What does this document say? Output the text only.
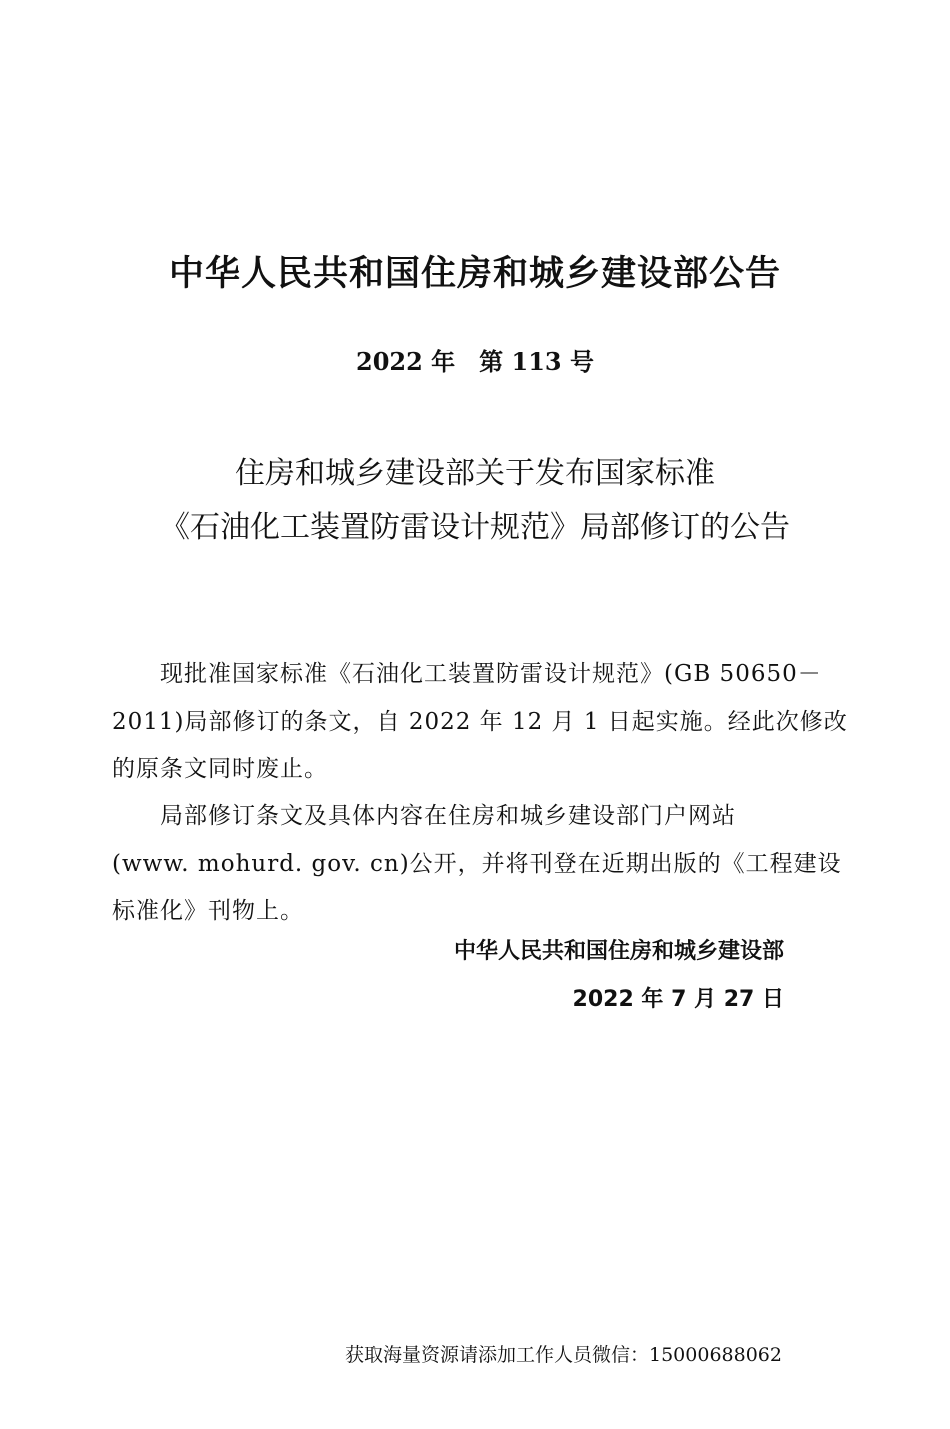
中华人民共和国住房和城乡建设部公告
2022 年　第 113 号
住房和城乡建设部关于发布国家标准
《石油化工装置防雷设计规范》局部修订的公告
现批准国家标准《石油化工装置防雷设计规范》(GB 50650－
2011)局部修订的条文，自 2022 年 12 月 1 日起实施。经此次修改
的原条文同时废止。
局部修订条文及具体内容在住房和城乡建设部门户网站
(www. mohurd. gov. cn)公开，并将刊登在近期出版的《工程建设
标准化》刊物上。
中华人民共和国住房和城乡建设部
2022 年 7 月 27 日
获取海量资源请添加工作人员微信：15000688062
